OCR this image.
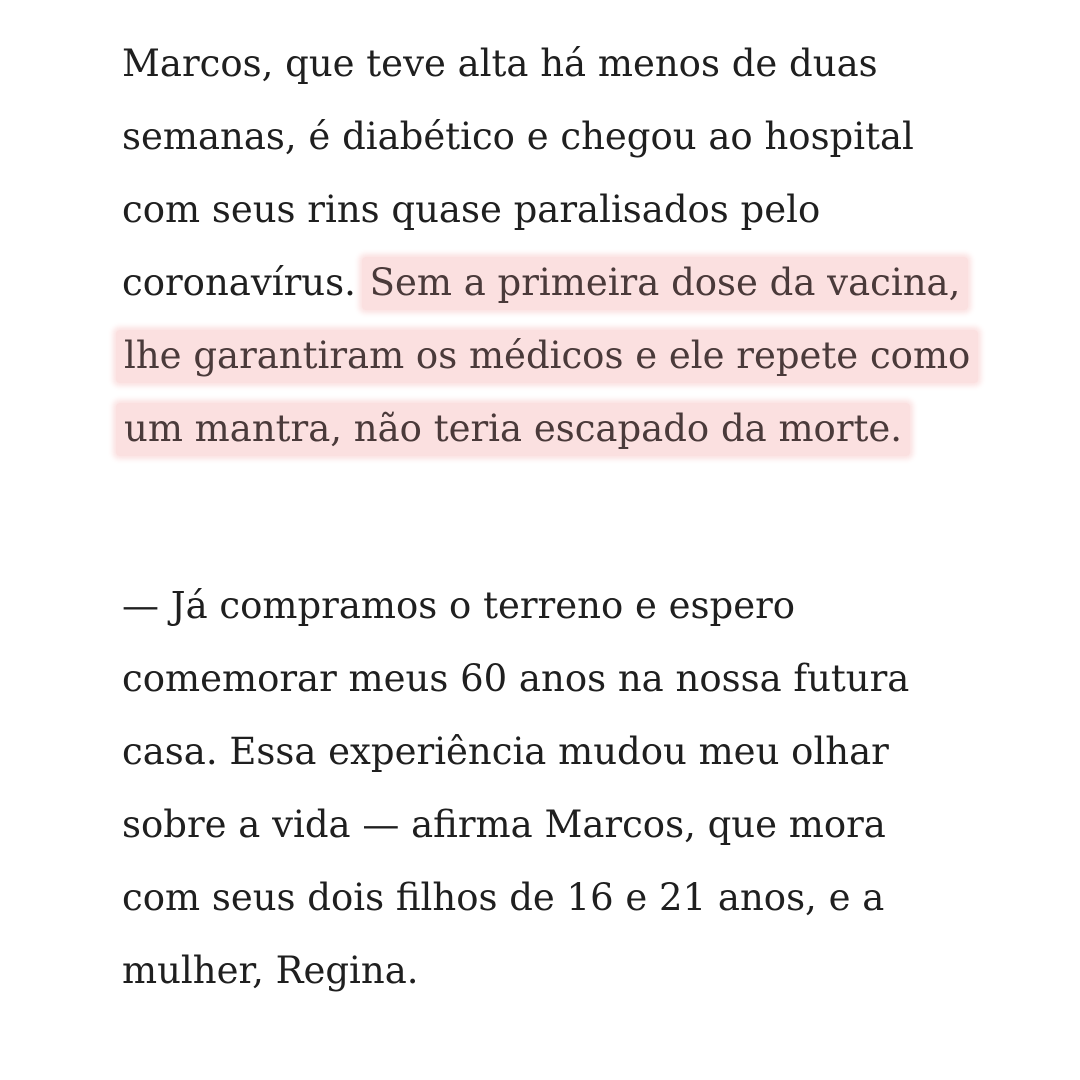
Marcos, que teve alta há menos de duas
semanas, é diabético e chegou ao hospital
com seus rins quase paralisados pelo
coronavírus. Sem a primeira dose da vacina,
lhe garantiram os médicos e ele repete como
um mantra, não teria escapado da morte.
— Já compramos o terreno e espero
comemorar meus 60 anos na nossa futura
casa. Essa experiência mudou meu olhar
sobre a vida — afirma Marcos, que mora
com seus dois filhos de 16 e 21 anos, e a
mulher, Regina.
